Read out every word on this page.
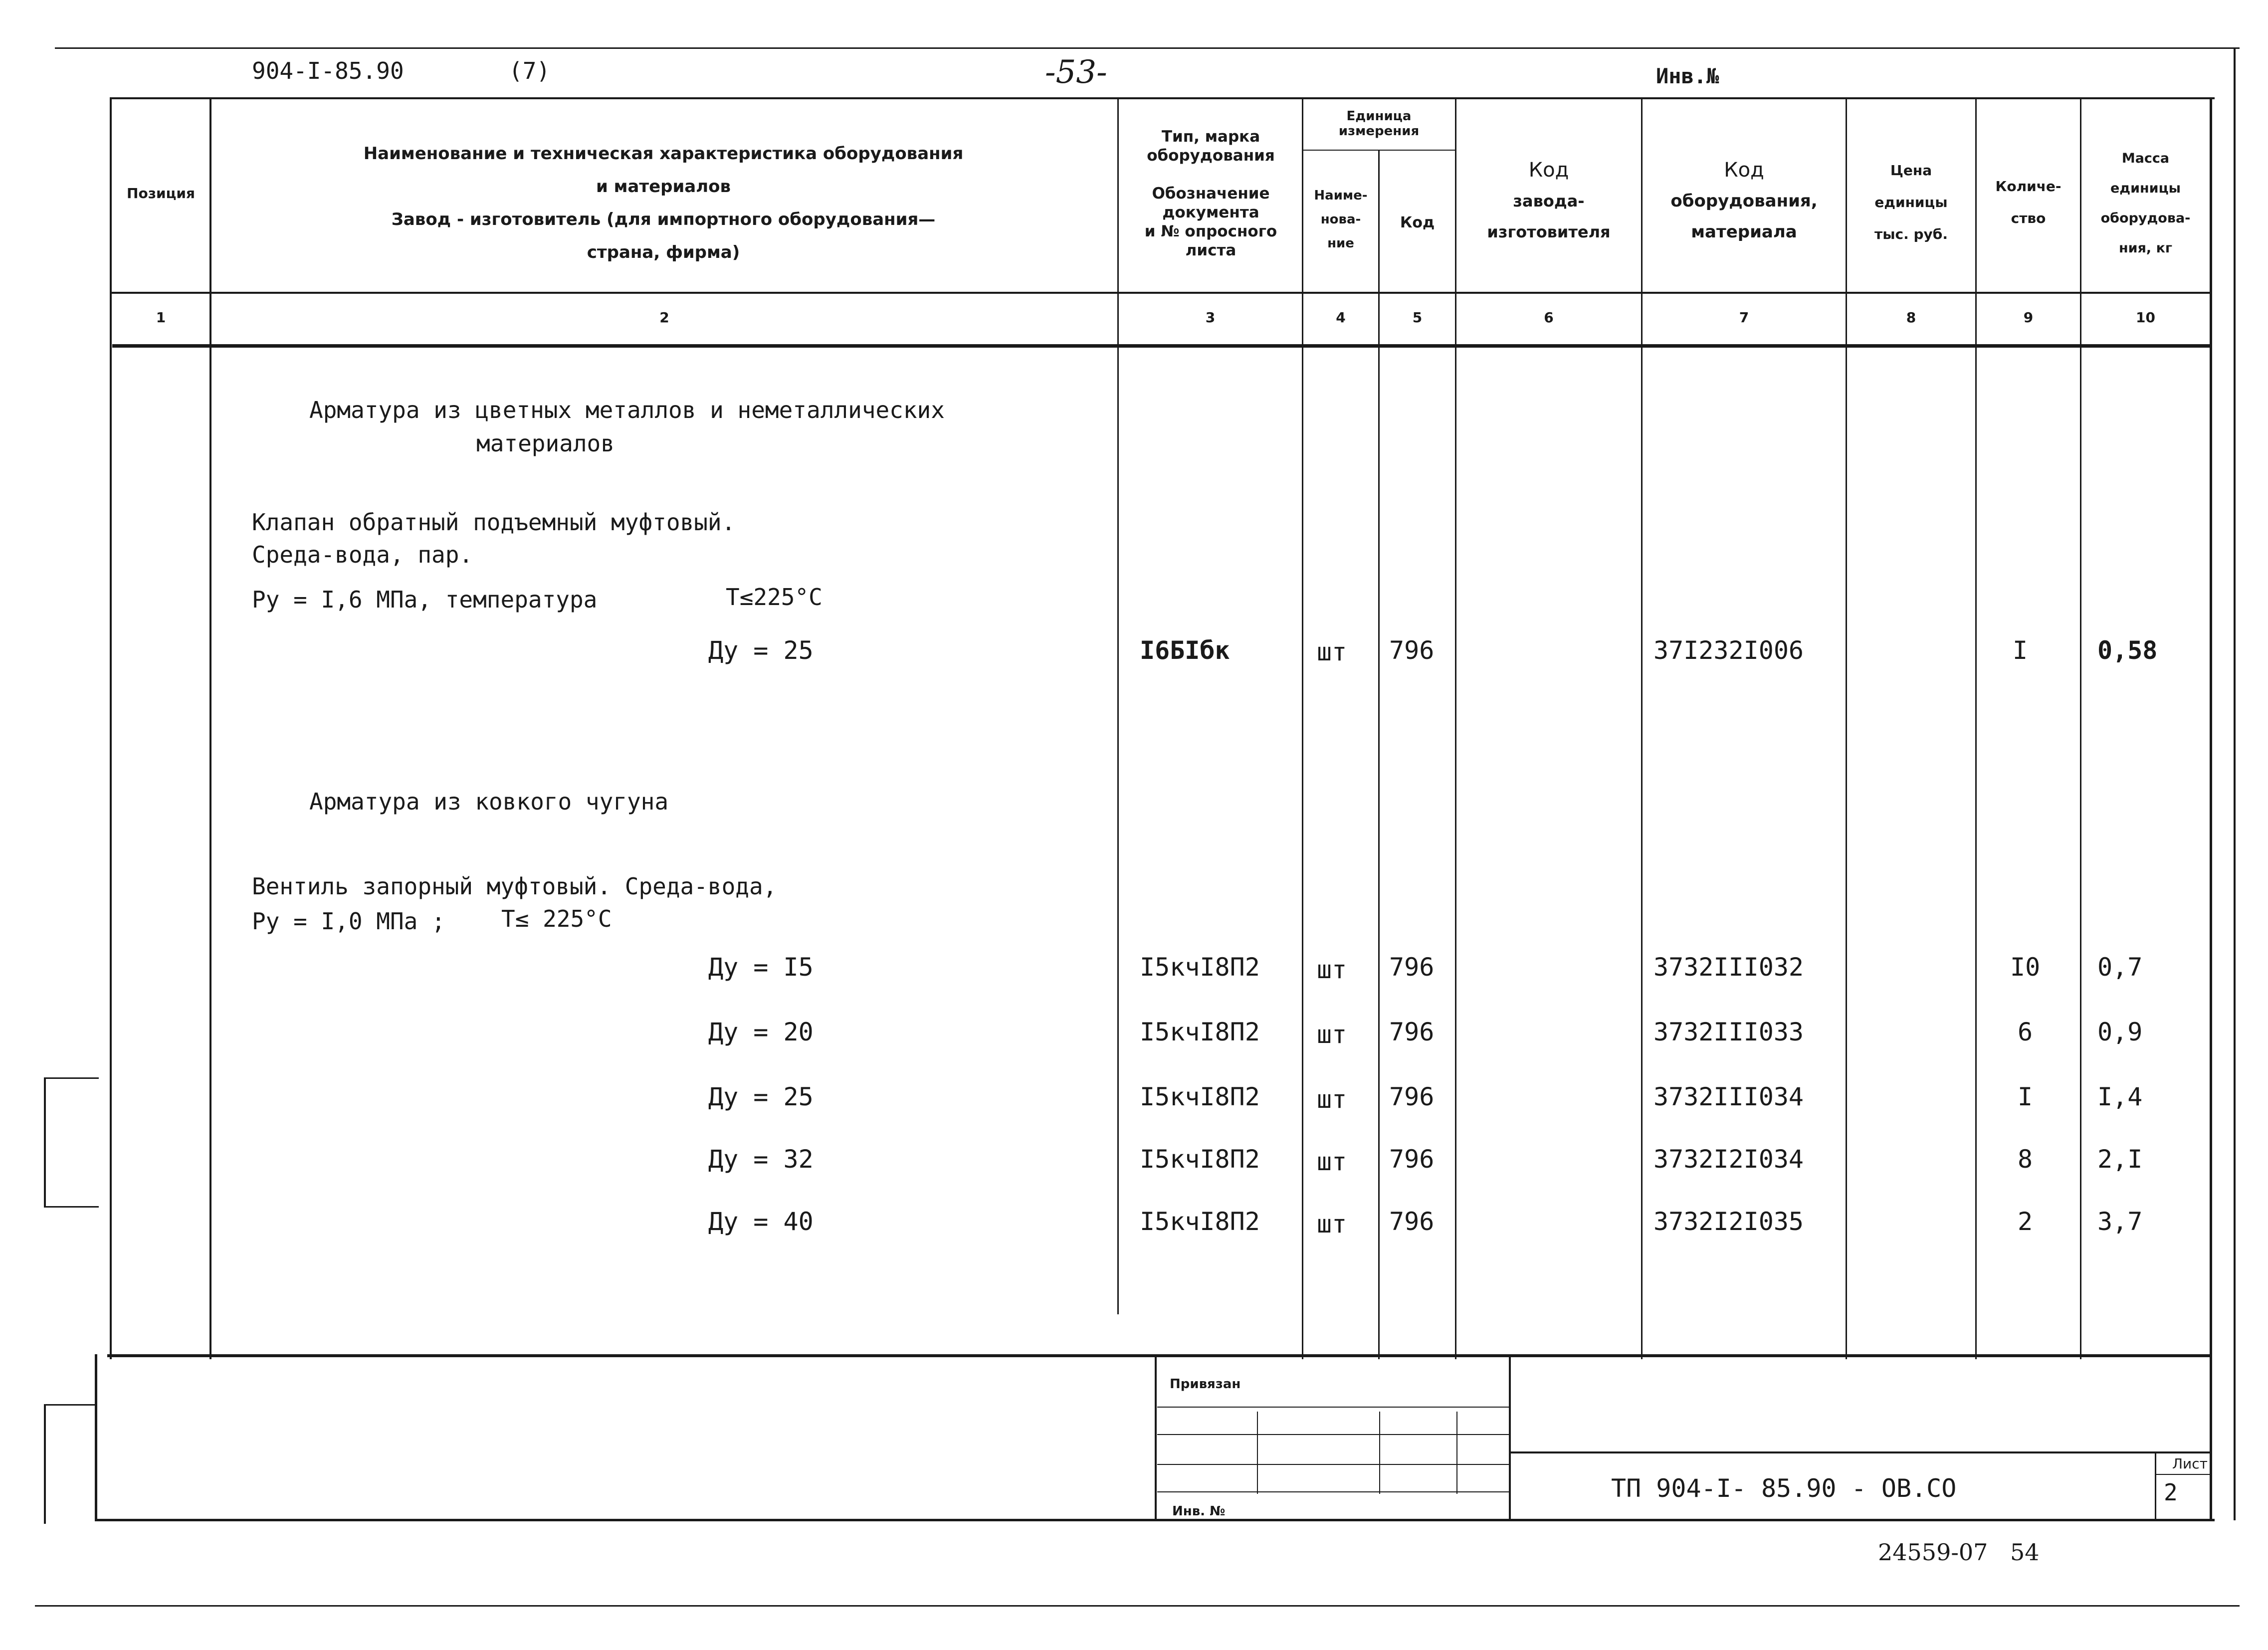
904-I-85.90	(7)	-53-	Инв.№
Позиция
Наименование и техническая характеристика оборудования
и материалов
Завод - изготовитель (для импортного оборудования—
страна, фирма)
Тип, марка
оборудования
Обозначение
документа
и № опросного
листа
Единица
измерения
Наиме-
нова-
ние
Код
Код
завода-
изготовителя
Код
оборудования,
материала
Цена
единицы
тыс. руб.
Количе-
ство
Масса
единицы
оборудова-
ния, кг
1	2	3	4	5	6	7	8	9	10
Арматура из цветных металлов и неметаллических
материалов
Клапан обратный подъемный муфтовый.
Среда-вода, пар.
Ру = I,6 МПа, температура	Т≤225°С
Арматура из ковкого чугуна
Вентиль запорный муфтовый. Среда-вода,
Ру = I,0 МПа ; Т≤ 225°С
Ду = 25	I6БIбк	шт 796	37I232I006	I	0,58
Ду = I5	I5кчI8П2 шт 796	3732III032	I0 0,7
Ду = 20	I5кчI8П2 шт 796	3732III033	6	0,9
Ду = 25	I5кчI8П2 шт 796	3732III034	I	I,4
Ду = 32	I5кчI8П2 шт 796	3732I2I034	8	2,I
Ду = 40	I5кчI8П2 шт 796	3732I2I035	2	3,7
Привязан
Инв. №
ТП 904-I- 85.90 - ОВ.СО
Лист
2
24559-07 54
